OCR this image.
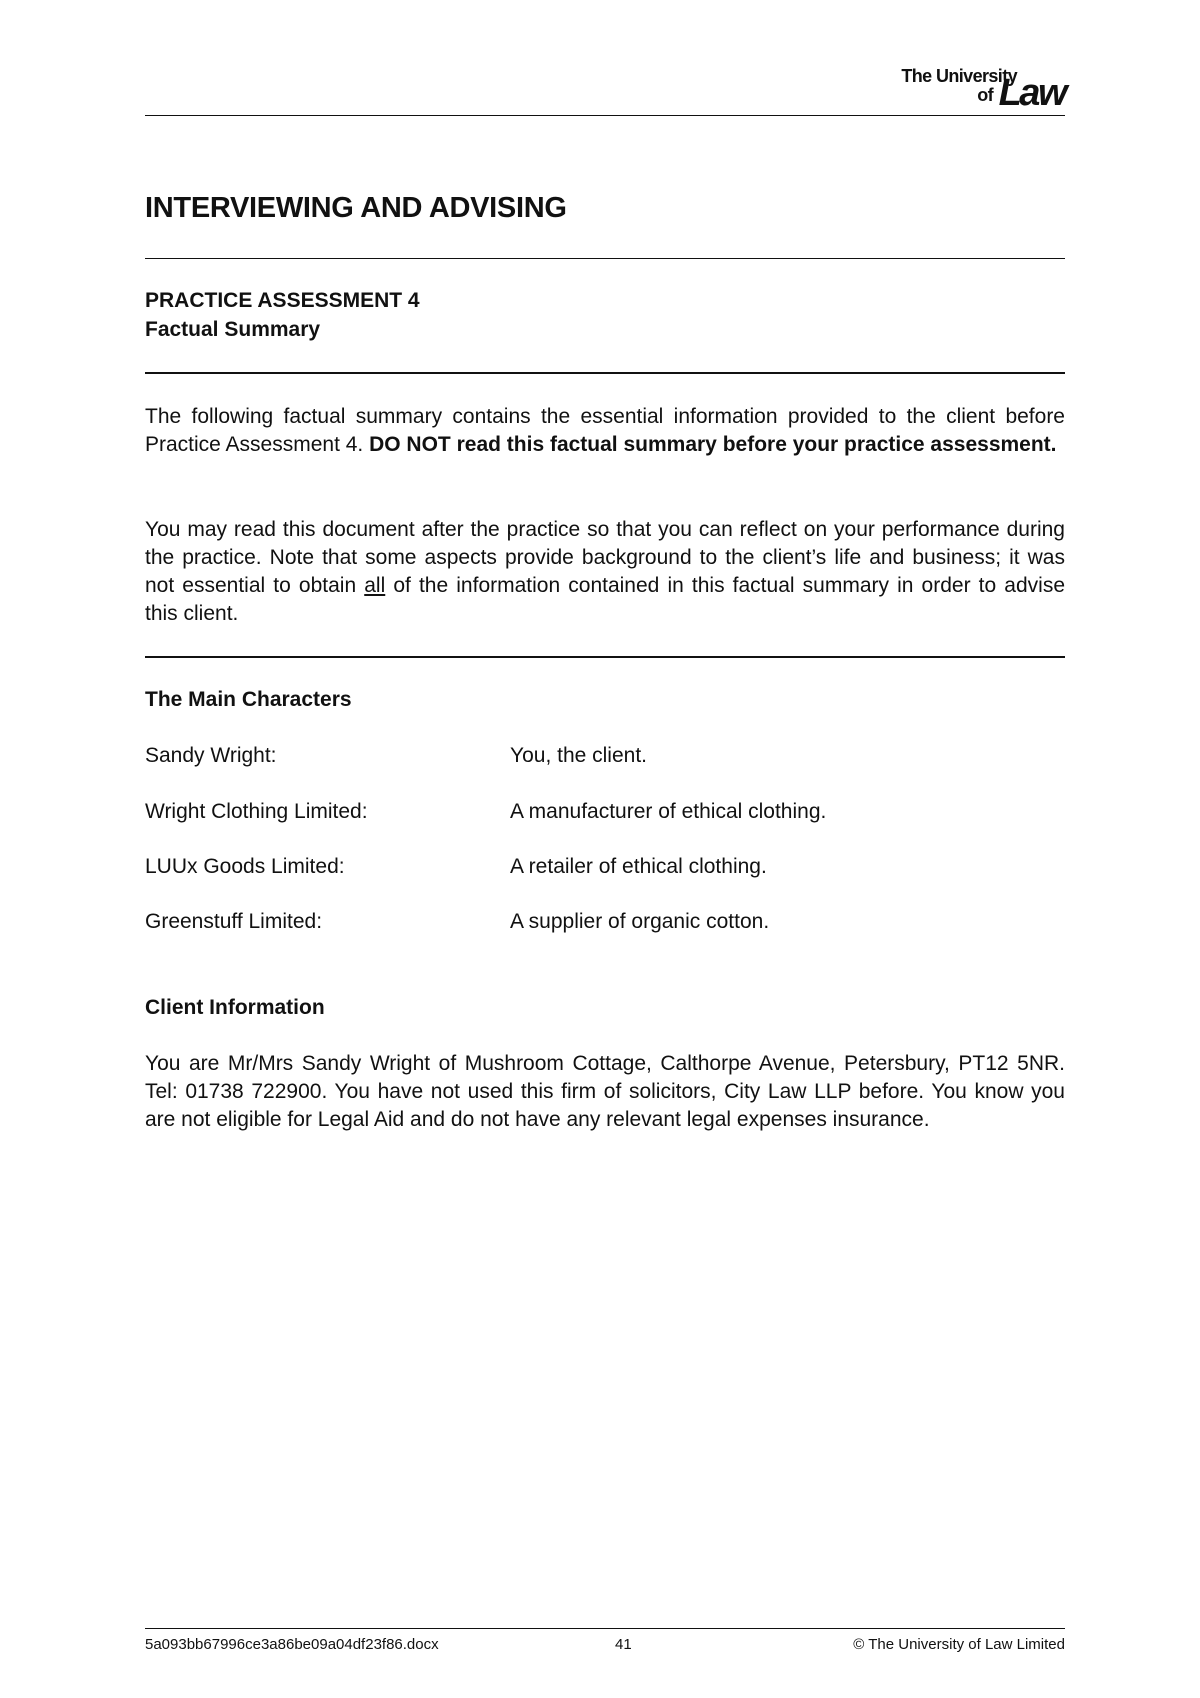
The University
of Law
INTERVIEWING AND ADVISING
PRACTICE ASSESSMENT 4
Factual Summary
The following factual summary contains the essential information provided to the client before Practice Assessment 4. DO NOT read this factual summary before your practice assessment.
You may read this document after the practice so that you can reflect on your performance during the practice. Note that some aspects provide background to the client’s life and business; it was not essential to obtain all of the information contained in this factual summary in order to advise this client.
The Main Characters
Sandy Wright:	You, the client.
Wright Clothing Limited:	A manufacturer of ethical clothing.
LUUx Goods Limited:	A retailer of ethical clothing.
Greenstuff Limited:	A supplier of organic cotton.
Client Information
You are Mr/Mrs Sandy Wright of Mushroom Cottage, Calthorpe Avenue, Petersbury, PT12 5NR. Tel: 01738 722900. You have not used this firm of solicitors, City Law LLP before. You know you are not eligible for Legal Aid and do not have any relevant legal expenses insurance.
5a093bb67996ce3a86be09a04df23f86.docx	41	© The University of Law Limited
